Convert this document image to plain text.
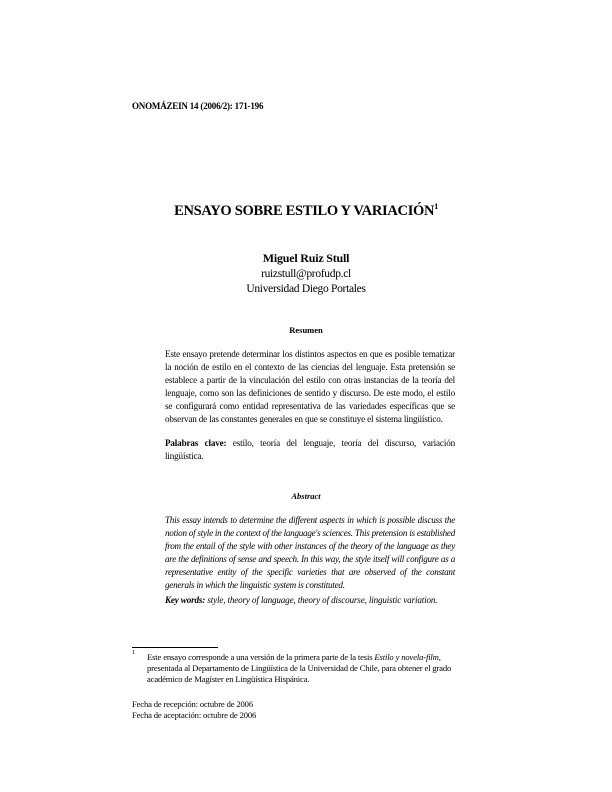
ONOMÁZEIN 14 (2006/2): 171-196
ENSAYO SOBRE ESTILO Y VARIACIÓN$^1$
Miguel Ruiz Stull
ruizstull@profudp.cl
Universidad Diego Portales
Resumen
Este ensayo pretende determinar los distintos aspectos en que es posible tematizar la noción de estilo en el contexto de las ciencias del lenguaje. Esta pretensión se establece a partir de la vinculación del estilo con otras instancias de la teoría del lenguaje, como son las definiciones de sentido y discurso. De este modo, el estilo se configurará como entidad representativa de las variedades específicas que se observan de las constantes generales en que se constituye el sistema lingüístico.
Palabras clave: estilo, teoría del lenguaje, teoría del discurso, variación lingüística.
Abstract
This essay intends to determine the different aspects in which is possible discuss the notion of style in the context of the language's sciences. This pretension is established from the entail of the style with other instances of the theory of the language as they are the definitions of sense and speech. In this way, the style itself will configure as a representative entity of the specific varieties that are observed of the constant generals in which the linguistic system is constituted.
Key words: style, theory of language, theory of discourse, linguistic variation.
1 Este ensayo corresponde a una versión de la primera parte de la tesis Estilo y novela-film, presentada al Departamento de Lingüística de la Universidad de Chile, para obtener el grado académico de Magíster en Lingüística Hispánica.
Fecha de recepción: octubre de 2006
Fecha de aceptación: octubre de 2006
